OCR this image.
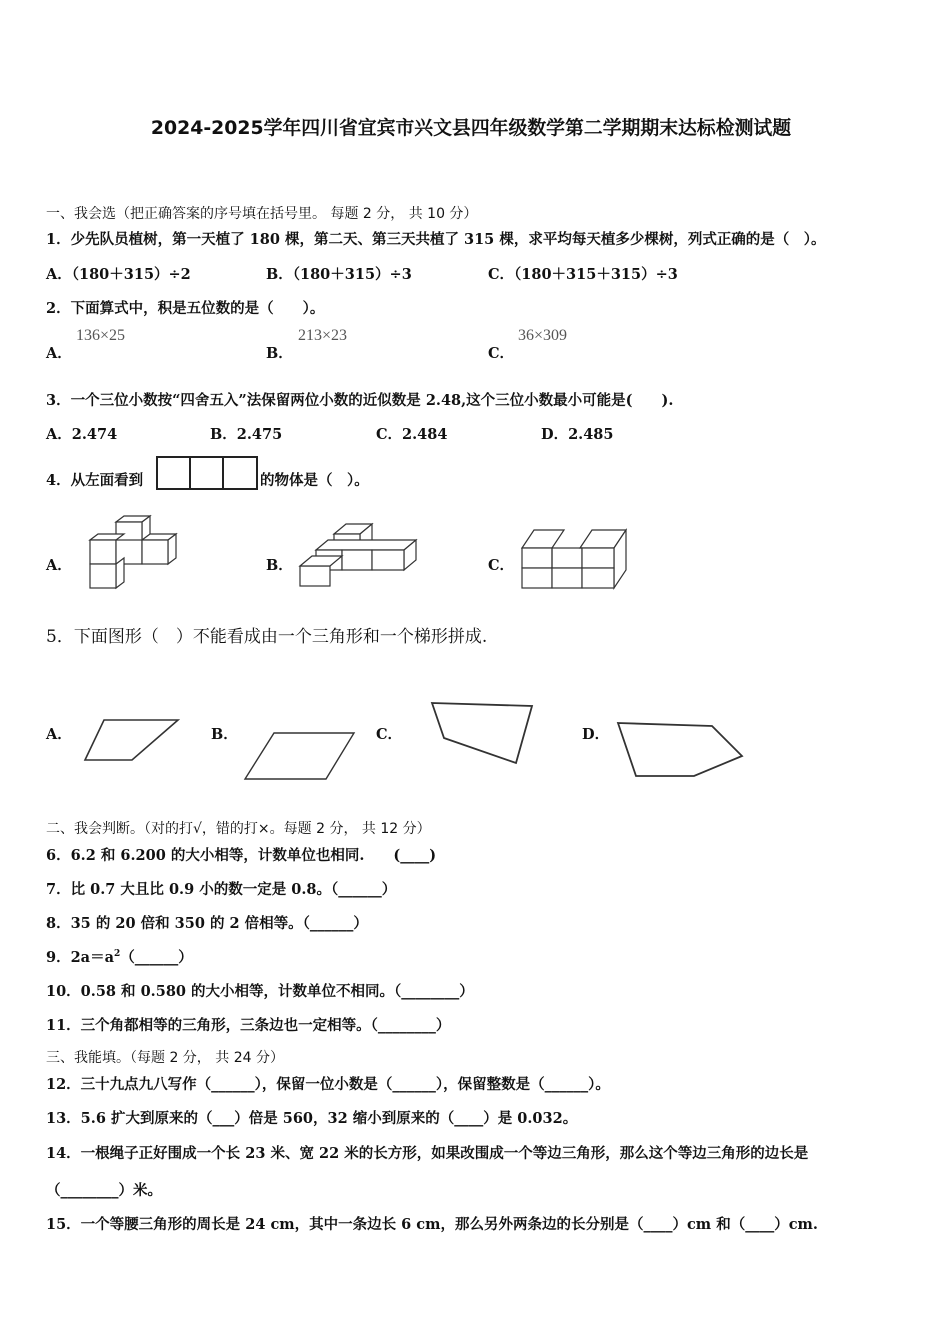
2024-2025学年四川省宜宾市兴文县四年级数学第二学期期末达标检测试题
一、我会选（把正确答案的序号填在括号里。 每题 2 分， 共 10 分）
1．少先队员植树，第一天植了 180 棵，第二天、第三天共植了 315 棵，求平均每天植多少棵树，列式正确的是（　）。
A．（180＋315）÷2	B．（180＋315）÷3	C．（180＋315＋315）÷3
2．下面算式中，积是五位数的是（　　）。
A．
136×25
B．
213×23
C．
36×309
3．一个三位小数按“四舍五入”法保留两位小数的近似数是 2.48,这个三位小数最小可能是(　　).
A．2.474	B．2.475	C．2.484	D．2.485
4．从左面看到	的物体是（　）。
A．	B．	C．
5．下面图形（　）不能看成由一个三角形和一个梯形拼成.
A．	B．	C．	D．
二、我会判断。（对的打√，错的打×。每题 2 分， 共 12 分）
6．6.2 和 6.200 的大小相等，计数单位也相同.　　(____)
7．比 0.7 大且比 0.9 小的数一定是 0.8。（______）
8．35 的 20 倍和 350 的 2 倍相等。（______）
9．$2a=a^2(\_\_\_\_\_\_)$
10．0.58 和 0.580 的大小相等，计数单位不相同。（________）
11．三个角都相等的三角形，三条边也一定相等。（________）
三、我能填。（每题 2 分， 共 24 分）
12．三十九点九八写作（______），保留一位小数是（______），保留整数是（______）。
13．5.6 扩大到原来的（___）倍是 560，32 缩小到原来的（____）是 0.032。
14．一根绳子正好围成一个长 23 米、宽 22 米的长方形，如果改围成一个等边三角形，那么这个等边三角形的边长是
（________）米。
15．一个等腰三角形的周长是 24 cm，其中一条边长 6 cm，那么另外两条边的长分别是（____）cm 和（____）cm.
